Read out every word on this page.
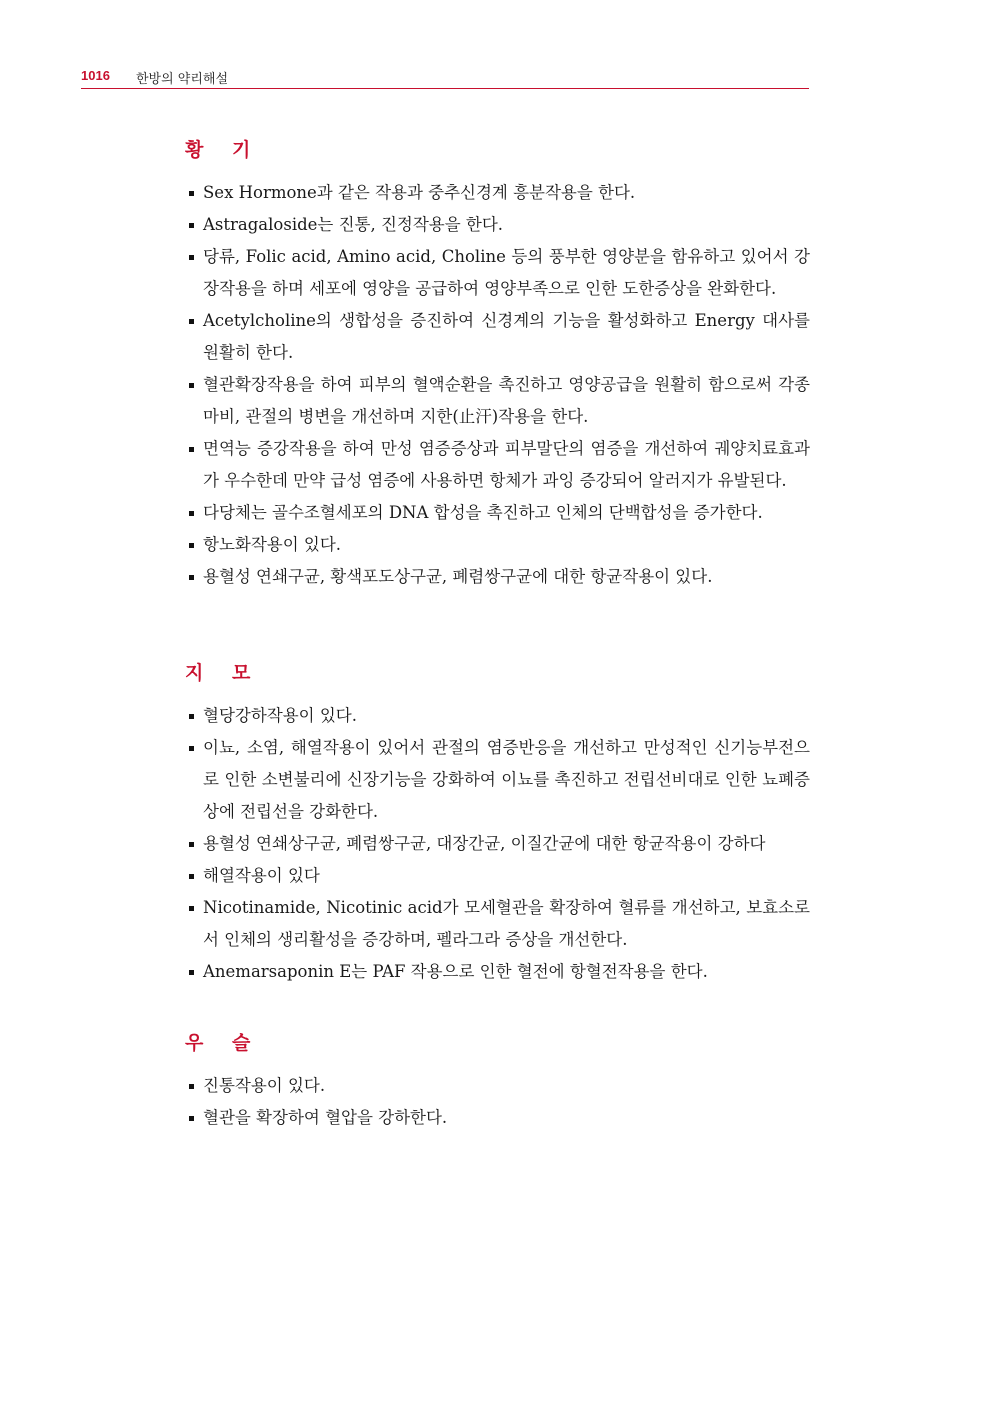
1016 한방의 약리해설
황 기
Sex Hormone과 같은 작용과 중추신경계 흥분작용을 한다.
Astragaloside는 진통, 진정작용을 한다.
당류, Folic acid, Amino acid, Choline 등의 풍부한 영양분을 함유하고 있어서 강장작용을 하며 세포에 영양을 공급하여 영양부족으로 인한 도한증상을 완화한다.
Acetylcholine의 생합성을 증진하여 신경계의 기능을 활성화하고 Energy 대사를 원활히 한다.
혈관확장작용을 하여 피부의 혈액순환을 촉진하고 영양공급을 원활히 함으로써 각종 마비, 관절의 병변을 개선하며 지한(止汗)작용을 한다.
면역능 증강작용을 하여 만성 염증증상과 피부말단의 염증을 개선하여 궤양치료효과가 우수한데 만약 급성 염증에 사용하면 항체가 과잉 증강되어 알러지가 유발된다.
다당체는 골수조혈세포의 DNA 합성을 촉진하고 인체의 단백합성을 증가한다.
항노화작용이 있다.
용혈성 연쇄구균, 황색포도상구균, 폐렴쌍구균에 대한 항균작용이 있다.
지 모
혈당강하작용이 있다.
이뇨, 소염, 해열작용이 있어서 관절의 염증반응을 개선하고 만성적인 신기능부전으로 인한 소변불리에 신장기능을 강화하여 이뇨를 촉진하고 전립선비대로 인한 뇨폐증상에 전립선을 강화한다.
용혈성 연쇄상구균, 폐렴쌍구균, 대장간균, 이질간균에 대한 항균작용이 강하다
해열작용이 있다
Nicotinamide, Nicotinic acid가 모세혈관을 확장하여 혈류를 개선하고, 보효소로서 인체의 생리활성을 증강하며, 펠라그라 증상을 개선한다.
Anemarsaponin E는 PAF 작용으로 인한 혈전에 항혈전작용을 한다.
우 슬
진통작용이 있다.
혈관을 확장하여 혈압을 강하한다.
